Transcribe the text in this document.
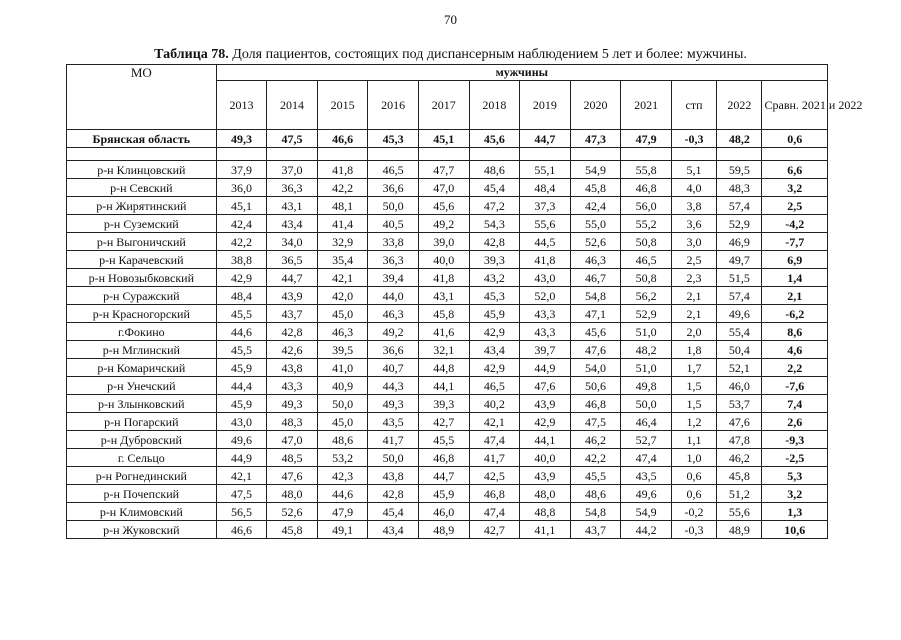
70
Таблица 78. Доля пациентов, состоящих под диспансерным наблюдением 5 лет и более: мужчины.
МО	мужчины											
	2013	2014	2015	2016	2017	2018	2019	2020	2021	стп	2022	Сравн. 2021 и 2022
Брянская область	49,3	47,5	46,6	45,3	45,1	45,6	44,7	47,3	47,9	-0,3	48,2	0,6

р-н Клинцовский	37,9	37,0	41,8	46,5	47,7	48,6	55,1	54,9	55,8	5,1	59,5	6,6
р-н Севский	36,0	36,3	42,2	36,6	47,0	45,4	48,4	45,8	46,8	4,0	48,3	3,2
р-н Жирятинский	45,1	43,1	48,1	50,0	45,6	47,2	37,3	42,4	56,0	3,8	57,4	2,5
р-н Суземский	42,4	43,4	41,4	40,5	49,2	54,3	55,6	55,0	55,2	3,6	52,9	-4,2
р-н Выгоничский	42,2	34,0	32,9	33,8	39,0	42,8	44,5	52,6	50,8	3,0	46,9	-7,7
р-н Карачевский	38,8	36,5	35,4	36,3	40,0	39,3	41,8	46,3	46,5	2,5	49,7	6,9
р-н Новозыбковский	42,9	44,7	42,1	39,4	41,8	43,2	43,0	46,7	50,8	2,3	51,5	1,4
р-н Суражский	48,4	43,9	42,0	44,0	43,1	45,3	52,0	54,8	56,2	2,1	57,4	2,1
р-н Красногорский	45,5	43,7	45,0	46,3	45,8	45,9	43,3	47,1	52,9	2,1	49,6	-6,2
г.Фокино	44,6	42,8	46,3	49,2	41,6	42,9	43,3	45,6	51,0	2,0	55,4	8,6
р-н Мглинский	45,5	42,6	39,5	36,6	32,1	43,4	39,7	47,6	48,2	1,8	50,4	4,6
р-н Комаричский	45,9	43,8	41,0	40,7	44,8	42,9	44,9	54,0	51,0	1,7	52,1	2,2
р-н Унечский	44,4	43,3	40,9	44,3	44,1	46,5	47,6	50,6	49,8	1,5	46,0	-7,6
р-н Злынковский	45,9	49,3	50,0	49,3	39,3	40,2	43,9	46,8	50,0	1,5	53,7	7,4
р-н Погарский	43,0	48,3	45,0	43,5	42,7	42,1	42,9	47,5	46,4	1,2	47,6	2,6
р-н Дубровский	49,6	47,0	48,6	41,7	45,5	47,4	44,1	46,2	52,7	1,1	47,8	-9,3
г. Сельцо	44,9	48,5	53,2	50,0	46,8	41,7	40,0	42,2	47,4	1,0	46,2	-2,5
р-н Рогнединский	42,1	47,6	42,3	43,8	44,7	42,5	43,9	45,5	43,5	0,6	45,8	5,3
р-н Почепский	47,5	48,0	44,6	42,8	45,9	46,8	48,0	48,6	49,6	0,6	51,2	3,2
р-н Климовский	56,5	52,6	47,9	45,4	46,0	47,4	48,8	54,8	54,9	-0,2	55,6	1,3
р-н Жуковский	46,6	45,8	49,1	43,4	48,9	42,7	41,1	43,7	44,2	-0,3	48,9	10,6
